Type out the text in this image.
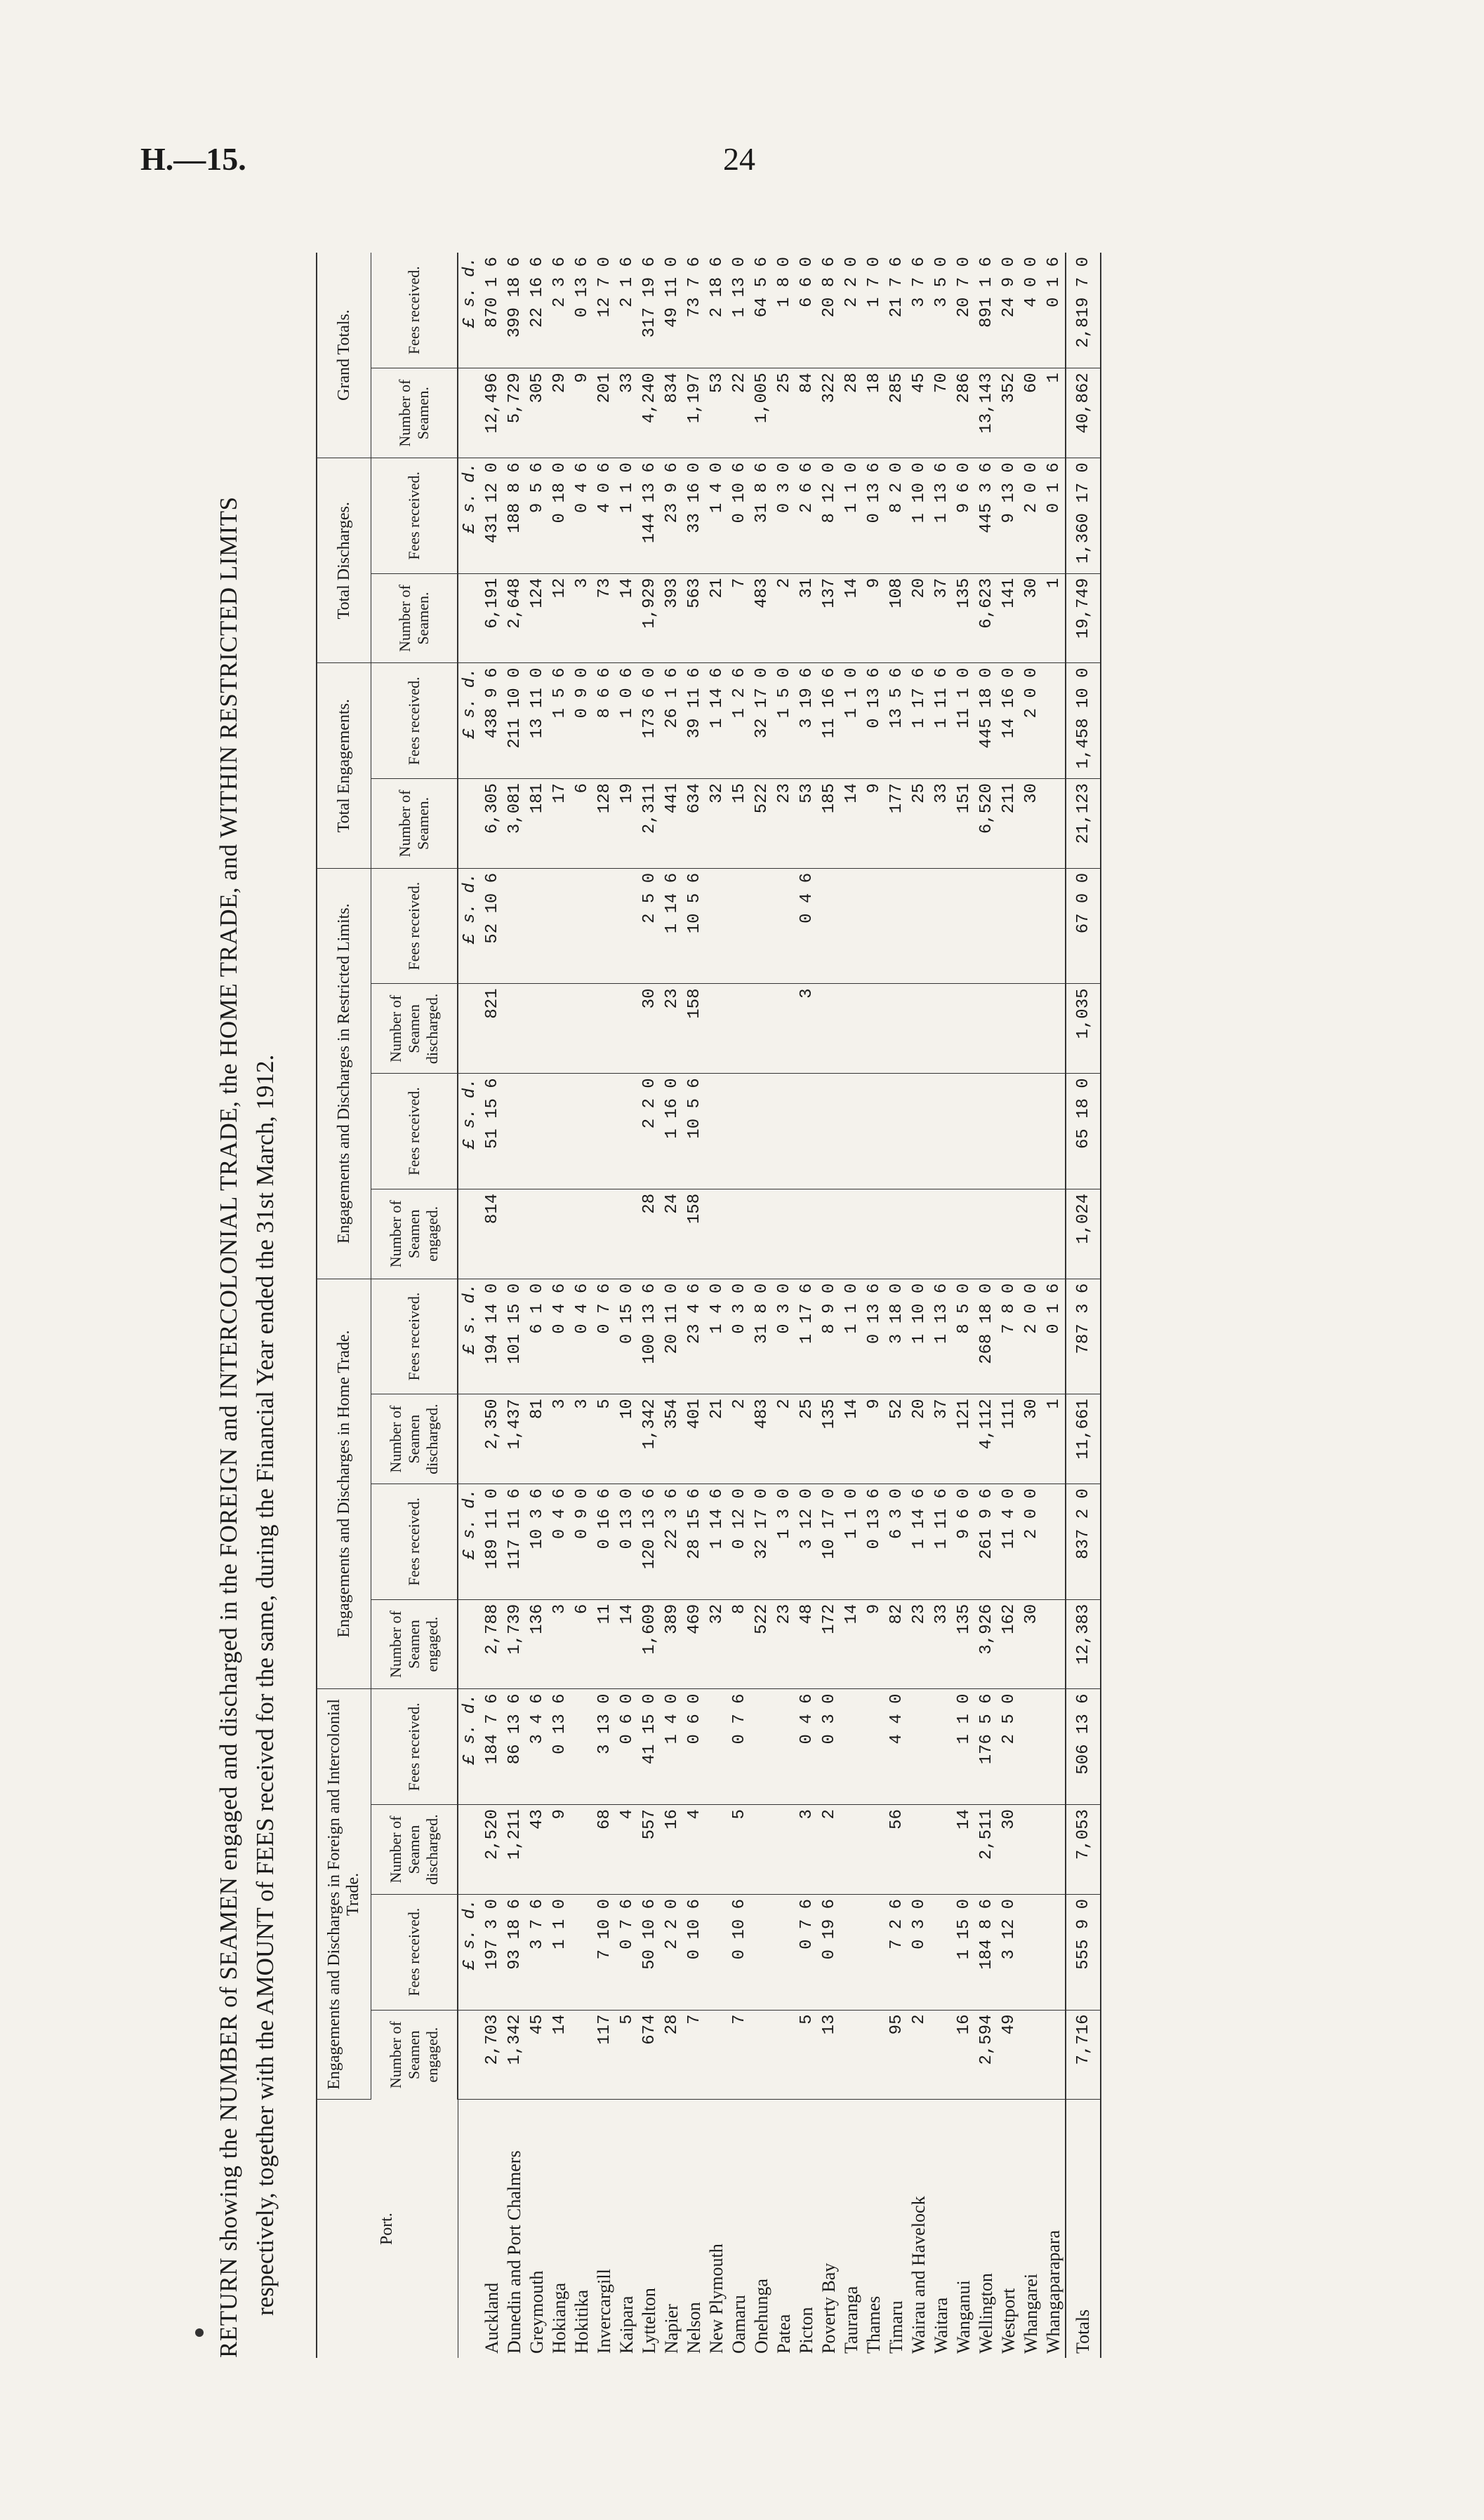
H.—15.	24
RETURN showing the NUMBER of SEAMEN engaged and discharged in the FOREIGN and INTERCOLONIAL TRADE, the HOME TRADE, and WITHIN RESTRICTED LIMITS respectively, together with the AMOUNT of FEES received for the same, during the Financial Year ended the 31st March, 1912.	Port.	Engagements and Discharges in Foreign and Intercolonial Trade.				Engagements and Discharges in Home Trade.				Engagements and Discharges in Restricted Limits.				Total Engagements.		Total Discharges.		Grand Totals.	
	Number of Seamen engaged.	Fees received.	Number of Seamen discharged.	Fees received.	Number of Seamen engaged.	Fees received.	Number of Seamen discharged.	Fees received.	Number of Seamen engaged.	Fees received.	Number of Seamen discharged.	Fees received.	Number of Seamen.	Fees received.	Number of Seamen.	Fees received.	Number of Seamen.	Fees received.
		£ s. d.		£ s. d.		£ s. d.		£ s. d.		£ s. d.		£ s. d.		£ s. d.		£ s. d.		£ s. d.
Auckland	2,703	197 3 0	2,520	184 7 6	2,788	189 11 0	2,350	194 14 0	814	51 15 6	821	52 10 6	6,305	438 9 6	6,191	431 12 0	12,496	870 1 6
Dunedin and Port Chalmers	1,342	93 18 6	1,211	86 13 6	1,739	117 11 6	1,437	101 15 0					3,081	211 10 0	2,648	188 8 6	5,729	399 18 6
Greymouth	45	3 7 6	43	3 4 6	136	10 3 6	81	6 1 0					181	13 11 0	124	9 5 6	305	22 16 6
Hokianga	14	1 1 0	9	0 13 6	3	0 4 6	3	0 4 6					17	1 5 6	12	0 18 0	29	2 3 6
Hokitika					6	0 9 0	3	0 4 6					6	0 9 0	3	0 4 6	9	0 13 6
Invercargill	117	7 10 0	68	3 13 0	11	0 16 6	5	0 7 6					128	8 6 6	73	4 0 6	201	12 7 0
Kaipara	5	0 7 6	4	0 6 0	14	0 13 0	10	0 15 0					19	1 0 6	14	1 1 0	33	2 1 6
Lyttelton	674	50 10 6	557	41 15 0	1,609	120 13 6	1,342	100 13 6	28	2 2 0	30	2 5 0	2,311	173 6 0	1,929	144 13 6	4,240	317 19 6
Napier	28	2 2 0	16	1 4 0	389	22 3 6	354	20 11 0	24	1 16 0	23	1 14 6	441	26 1 6	393	23 9 6	834	49 11 0
Nelson	7	0 10 6	4	0 6 0	469	28 15 6	401	23 4 6	158	10 5 6	158	10 5 6	634	39 11 6	563	33 16 0	1,197	73 7 6
New Plymouth					32	1 14 6	21	1 4 0					32	1 14 6	21	1 4 0	53	2 18 6
Oamaru	7	0 10 6	5	0 7 6	8	0 12 0	2	0 3 0					15	1 2 6	7	0 10 6	22	1 13 0
Onehunga					522	32 17 0	483	31 8 0					522	32 17 0	483	31 8 6	1,005	64 5 6
Patea					23	1 3 0	2	0 3 0					23	1 5 0	2	0 3 0	25	1 8 0
Picton	5	0 7 6	3	0 4 6	48	3 12 0	25	1 17 6			3	0 4 6	53	3 19 6	31	2 6 6	84	6 6 0
Poverty Bay	13	0 19 6	2	0 3 0	172	10 17 0	135	8 9 0					185	11 16 6	137	8 12 0	322	20 8 6
Tauranga					14	1 1 0	14	1 1 0					14	1 1 0	14	1 1 0	28	2 2 0
Thames					9	0 13 6	9	0 13 6					9	0 13 6	9	0 13 6	18	1 7 0
Timaru	95	7 2 6	56	4 4 0	82	6 3 0	52	3 18 0					177	13 5 6	108	8 2 0	285	21 7 6
Wairau and Havelock	2	0 3 0			23	1 14 6	20	1 10 0					25	1 17 6	20	1 10 0	45	3 7 6
Waitara					33	1 11 6	37	1 13 6					33	1 11 6	37	1 13 6	70	3 5 0
Wanganui	16	1 15 0	14	1 1 0	135	9 6 0	121	8 5 0					151	11 1 0	135	9 6 0	286	20 7 0
Wellington	2,594	184 8 6	2,511	176 5 6	3,926	261 9 6	4,112	268 18 0					6,520	445 18 0	6,623	445 3 6	13,143	891 1 6
Westport	49	3 12 0	30	2 5 0	162	11 4 0	111	7 8 0					211	14 16 0	141	9 13 0	352	24 9 0
Whangarei					30	2 0 0	30	2 0 0					30	2 0 0	30	2 0 0	60	4 0 0
Whangaparapara							1	0 1 6							1	0 1 6	1	0 1 6
Totals	7,716	555 9 0	7,053	506 13 6	12,383	837 2 0	11,661	787 3 6	1,024	65 18 0	1,035	67 0 0	21,123	1,458 10 0	19,749	1,360 17 0	40,862	2,819 7 0
